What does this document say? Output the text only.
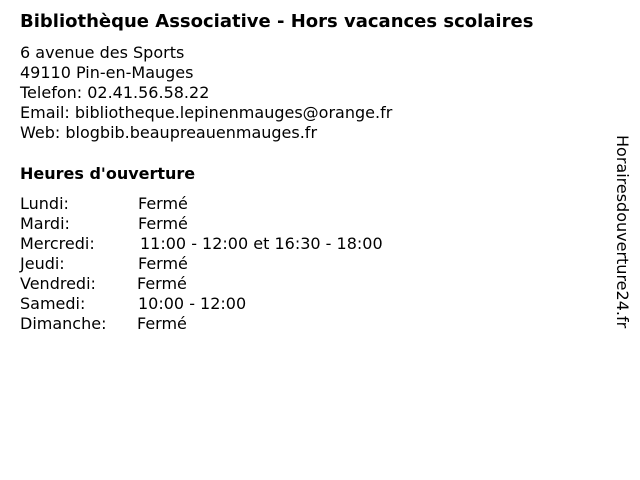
Bibliothèque Associative - Hors vacances scolaires
6 avenue des Sports
49110 Pin-en-Mauges
Telefon: 02.41.56.58.22
Email: bibliotheque.lepinenmauges@orange.fr
Web: blogbib.beaupreauenmauges.fr
Heures d'ouverture
Lundi:	Fermé
Mardi:	Fermé
Mercredi:	11:00 - 12:00 et 16:30 - 18:00
Jeudi:	Fermé
Vendredi:	Fermé
Samedi:	10:00 - 12:00
Dimanche: Fermé	Horairesdouverture24.fr
